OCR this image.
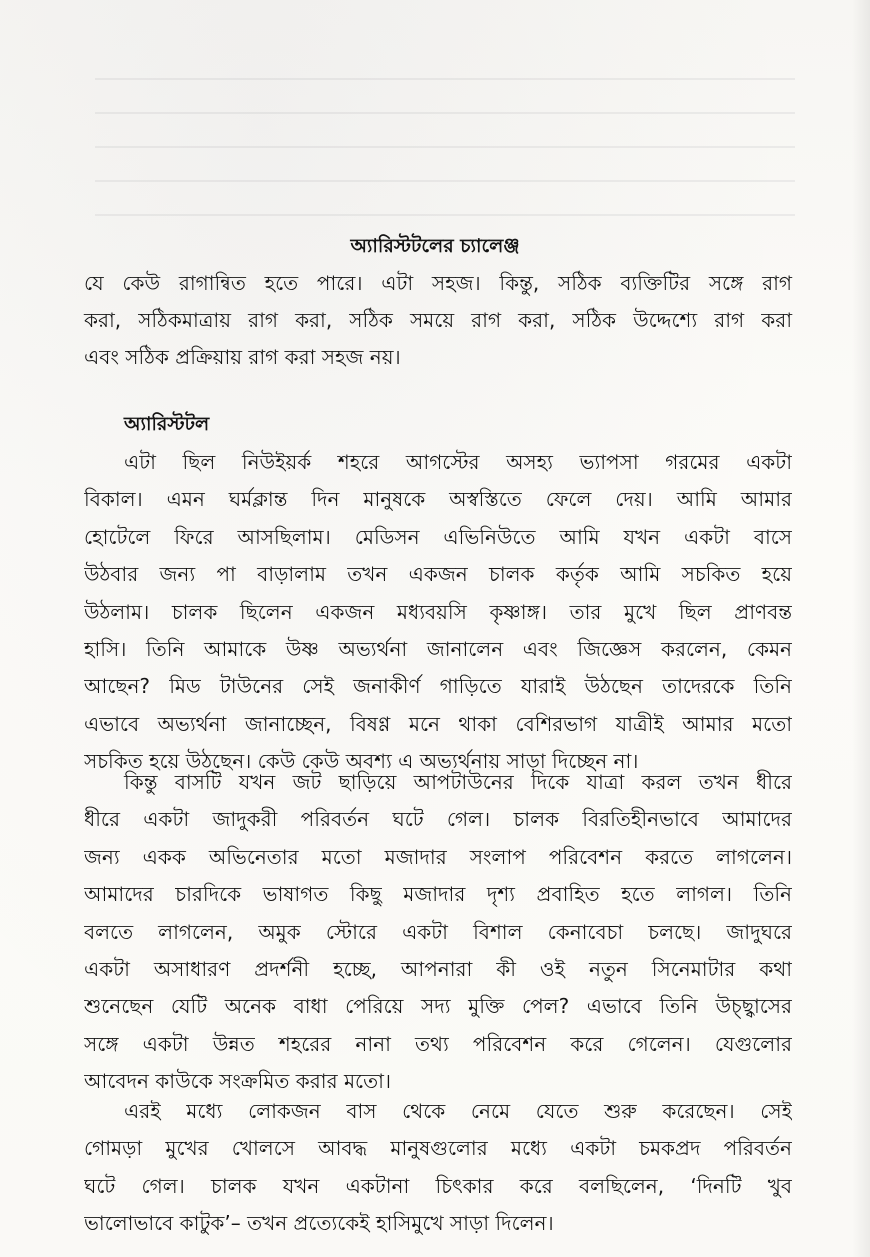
অ্যারিস্টটলের চ্যালেঞ্জ
যে কেউ রাগান্বিত হতে পারে। এটা সহজ। কিন্তু, সঠিক ব্যক্তিটির সঙ্গে রাগ
করা, সঠিকমাত্রায় রাগ করা, সঠিক সময়ে রাগ করা, সঠিক উদ্দেশ্যে রাগ করা
এবং সঠিক প্রক্রিয়ায় রাগ করা সহজ নয়।
অ্যারিস্টটল
এটা ছিল নিউইয়র্ক শহরে আগস্টের অসহ্য ভ্যাপসা গরমের একটা
বিকাল। এমন ঘর্মক্লান্ত দিন মানুষকে অস্বস্তিতে ফেলে দেয়। আমি আমার
হোটেলে ফিরে আসছিলাম। মেডিসন এভিনিউতে আমি যখন একটা বাসে
উঠবার জন্য পা বাড়ালাম তখন একজন চালক কর্তৃক আমি সচকিত হয়ে
উঠলাম। চালক ছিলেন একজন মধ্যবয়সি কৃষ্ণাঙ্গ। তার মুখে ছিল প্রাণবন্ত
হাসি। তিনি আমাকে উষ্ণ অভ্যর্থনা জানালেন এবং জিজ্ঞেস করলেন, কেমন
আছেন? মিড টাউনের সেই জনাকীর্ণ গাড়িতে যারাই উঠছেন তাদেরকে তিনি
এভাবে অভ্যর্থনা জানাচ্ছেন, বিষণ্ণ মনে থাকা বেশিরভাগ যাত্রীই আমার মতো
সচকিত হয়ে উঠছেন। কেউ কেউ অবশ্য এ অভ্যর্থনায় সাড়া দিচ্ছেন না।
কিন্তু বাসটি যখন জট ছাড়িয়ে আপটাউনের দিকে যাত্রা করল তখন ধীরে
ধীরে একটা জাদুকরী পরিবর্তন ঘটে গেল। চালক বিরতিহীনভাবে আমাদের
জন্য একক অভিনেতার মতো মজাদার সংলাপ পরিবেশন করতে লাগলেন।
আমাদের চারদিকে ভাষাগত কিছু মজাদার দৃশ্য প্রবাহিত হতে লাগল। তিনি
বলতে লাগলেন, অমুক স্টোরে একটা বিশাল কেনাবেচা চলছে। জাদুঘরে
একটা অসাধারণ প্রদর্শনী হচ্ছে, আপনারা কী ওই নতুন সিনেমাটার কথা
শুনেছেন যেটি অনেক বাধা পেরিয়ে সদ্য মুক্তি পেল? এভাবে তিনি উচ্ছ্বাসের
সঙ্গে একটা উন্নত শহরের নানা তথ্য পরিবেশন করে গেলেন। যেগুলোর
আবেদন কাউকে সংক্রমিত করার মতো।
এরই মধ্যে লোকজন বাস থেকে নেমে যেতে শুরু করেছেন। সেই
গোমড়া মুখের খোলসে আবদ্ধ মানুষগুলোর মধ্যে একটা চমকপ্রদ পরিবর্তন
ঘটে গেল। চালক যখন একটানা চিৎকার করে বলছিলেন, ‘দিনটি খুব
ভালোভাবে কাটুক’– তখন প্রত্যেকেই হাসিমুখে সাড়া দিলেন।
